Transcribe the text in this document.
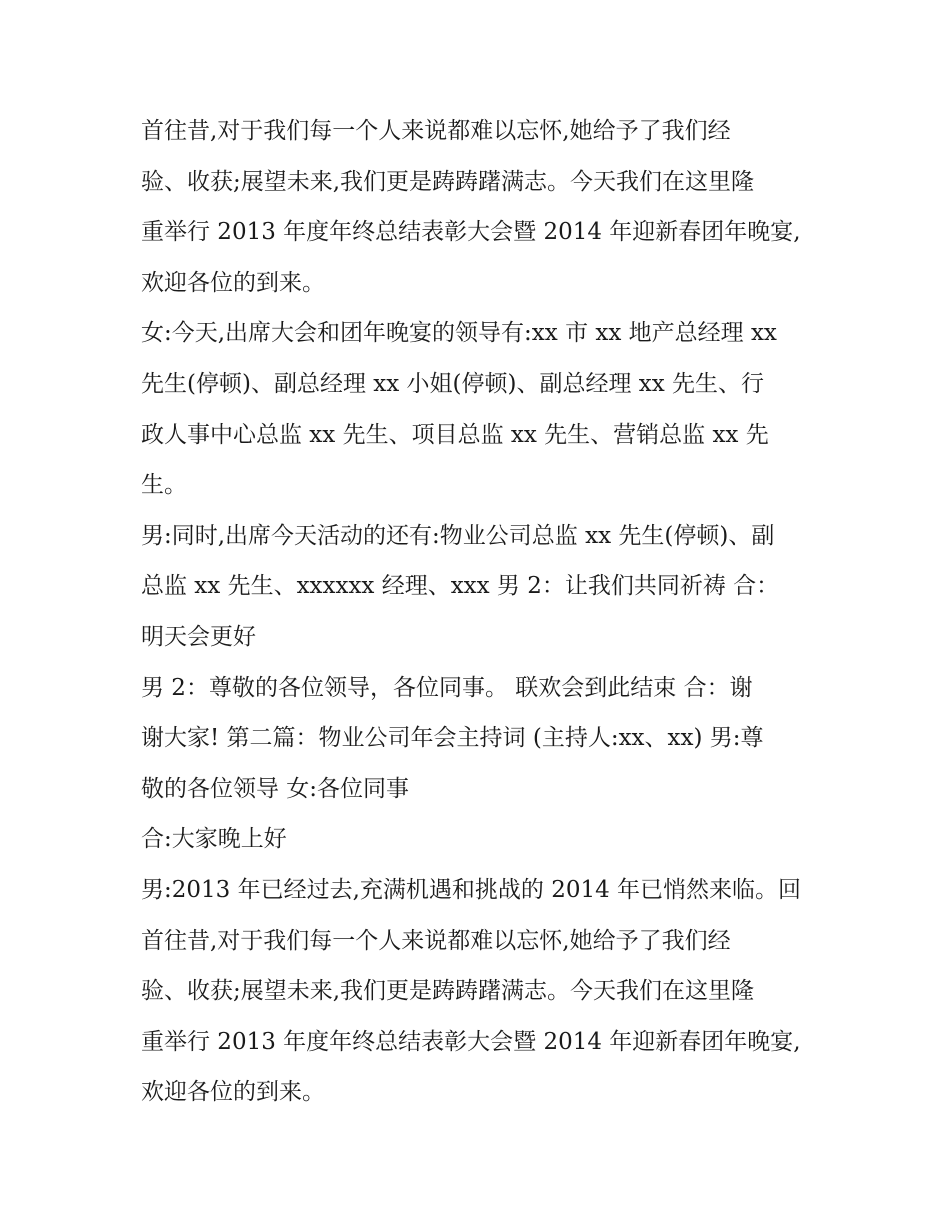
首往昔,对于我们每一个人来说都难以忘怀,她给予了我们经
验、收获;展望未来,我们更是踌踌躇满志。今天我们在这里隆
重举行 2013 年度年终总结表彰大会暨 2014 年迎新春团年晚宴,
欢迎各位的到来。
女:今天,出席大会和团年晚宴的领导有:xx 市 xx 地产总经理 xx
先生(停顿)、副总经理 xx 小姐(停顿)、副总经理 xx 先生、行
政人事中心总监 xx 先生、项目总监 xx 先生、营销总监 xx 先
生。
男:同时,出席今天活动的还有:物业公司总监 xx 先生(停顿)、副
总监 xx 先生、xxxxxx 经理、xxx 男 2：让我们共同祈祷 合：
明天会更好
男 2：尊敬的各位领导，各位同事。 联欢会到此结束 合：谢
谢大家! 第二篇：物业公司年会主持词 (主持人:xx、xx) 男:尊
敬的各位领导 女:各位同事
合:大家晚上好
男:2013 年已经过去,充满机遇和挑战的 2014 年已悄然来临。回
首往昔,对于我们每一个人来说都难以忘怀,她给予了我们经
验、收获;展望未来,我们更是踌踌躇满志。今天我们在这里隆
重举行 2013 年度年终总结表彰大会暨 2014 年迎新春团年晚宴,
欢迎各位的到来。
